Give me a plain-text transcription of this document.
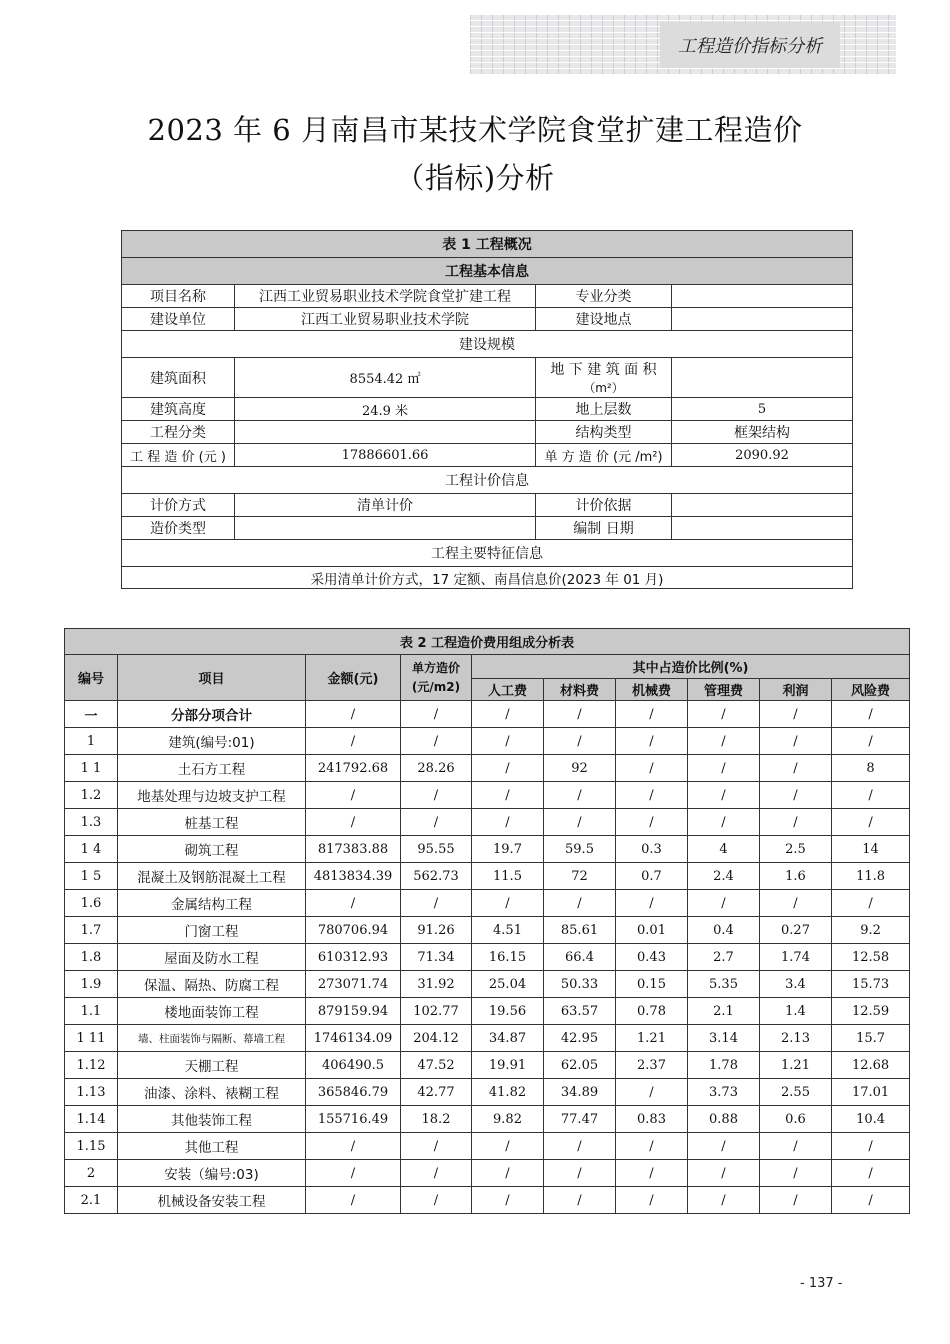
工程造价指标分析
2023 年 6 月南昌市某技术学院食堂扩建工程造价
（指标)分析
表 1 工程概况			
工程基本信息			
项目名称	江西工业贸易职业技术学院食堂扩建工程	专业分类	
建设单位	江西工业贸易职业技术学院	建设地点	
建设规模			
建筑面积	8554.42 ㎡	地 下 建 筑 面 积
（m²）	

建筑高度	24.9 米	地上层数	5
工程分类		结构类型	框架结构
工 程 造 价 (元 )	17886601.66	单 方 造 价 (元 /m²)	2090.92
工程计价信息			
计价方式	清单计价	计价依据	
造价类型		编制 日期	
工程主要特征信息			
采用清单计价方式，17 定额、南昌信息价(2023 年 01 月)			
表 2 工程造价费用组成分析表									
编号	项目	金额(元)	单方造价
(元/m2)	其中占造价比例(%)					
				人工费	材料费	机械费	管理费	利润	风险费
一	分部分项合计	/	/	/	/	/	/	/	/
1	建筑(编号:01)	/	/	/	/	/	/	/	/
1 1	土石方工程	241792.68	28.26	/	92	/	/	/	8
1.2	地基处理与边坡支护工程	/	/	/	/	/	/	/	/
1.3	桩基工程	/	/	/	/	/	/	/	/
1 4	砌筑工程	817383.88	95.55	19.7	59.5	0.3	4	2.5	14
1 5	混凝土及钢筋混凝土工程	4813834.39	562.73	11.5	72	0.7	2.4	1.6	11.8
1.6	金属结构工程	/	/	/	/	/	/	/	/
1.7	门窗工程	780706.94	91.26	4.51	85.61	0.01	0.4	0.27	9.2
1.8	屋面及防水工程	610312.93	71.34	16.15	66.4	0.43	2.7	1.74	12.58
1.9	保温、隔热、防腐工程	273071.74	31.92	25.04	50.33	0.15	5.35	3.4	15.73
1.1	楼地面装饰工程	879159.94	102.77	19.56	63.57	0.78	2.1	1.4	12.59
1 11	墙、柱面装饰与隔断、幕墙工程	1746134.09	204.12	34.87	42.95	1.21	3.14	2.13	15.7
1.12	天棚工程	406490.5	47.52	19.91	62.05	2.37	1.78	1.21	12.68
1.13	油漆、涂料、裱糊工程	365846.79	42.77	41.82	34.89	/	3.73	2.55	17.01
1.14	其他装饰工程	155716.49	18.2	9.82	77.47	0.83	0.88	0.6	10.4
1.15	其他工程	/	/	/	/	/	/	/	/
2	安装（编号:03)	/	/	/	/	/	/	/	/
2.1	机械设备安装工程	/	/	/	/	/	/	/	/
- 137 -
